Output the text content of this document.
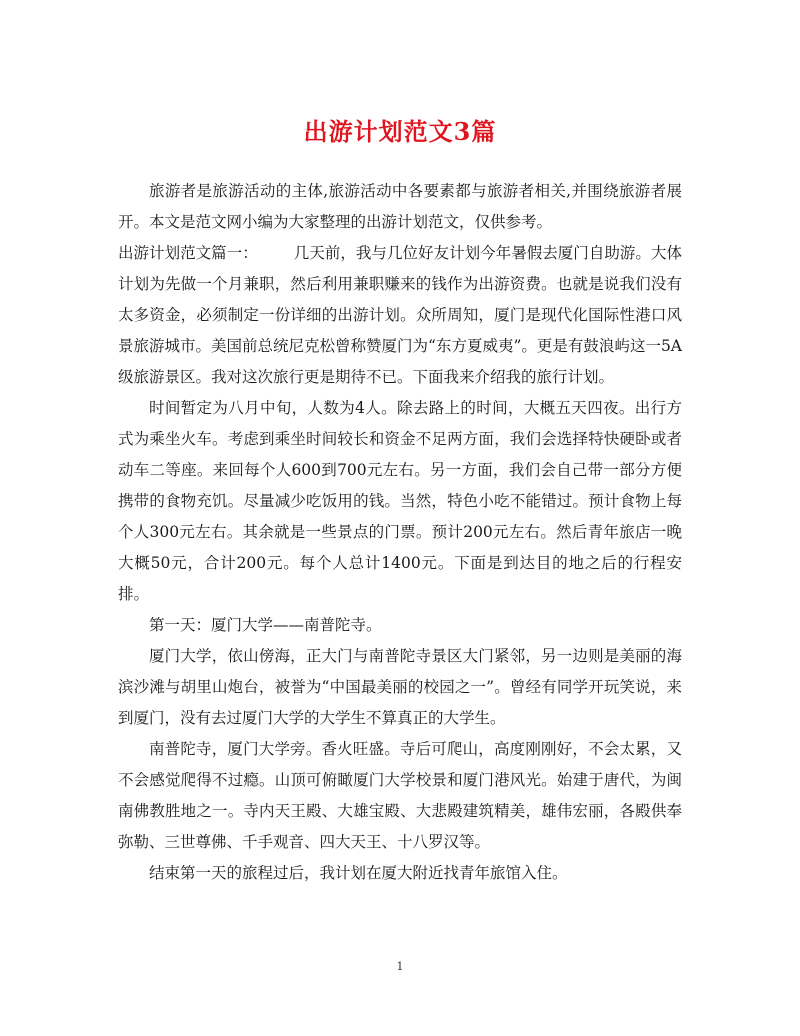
出游计划范文3篇

旅游者是旅游活动的主体,旅游活动中各要素都与旅游者相关,并围绕旅游者展开。本文是范文网小编为大家整理的出游计划范文，仅供参考。

出游计划范文篇一： 几天前，我与几位好友计划今年暑假去厦门自助游。大体计划为先做一个月兼职，然后利用兼职赚来的钱作为出游资费。也就是说我们没有太多资金，必须制定一份详细的出游计划。众所周知，厦门是现代化国际性港口风景旅游城市。美国前总统尼克松曾称赞厦门为“东方夏威夷”。更是有鼓浪屿这一5A级旅游景区。我对这次旅行更是期待不已。下面我来介绍我的旅行计划。

时间暂定为八月中旬，人数为4人。除去路上的时间，大概五天四夜。出行方式为乘坐火车。考虑到乘坐时间较长和资金不足两方面，我们会选择特快硬卧或者动车二等座。来回每个人600到700元左右。另一方面，我们会自己带一部分方便携带的食物充饥。尽量减少吃饭用的钱。当然，特色小吃不能错过。预计食物上每个人300元左右。其余就是一些景点的门票。预计200元左右。然后青年旅店一晚大概50元，合计200元。每个人总计1400元。下面是到达目的地之后的行程安排。

第一天：厦门大学——南普陀寺。

厦门大学，依山傍海，正大门与南普陀寺景区大门紧邻，另一边则是美丽的海滨沙滩与胡里山炮台，被誉为“中国最美丽的校园之一”。曾经有同学开玩笑说，来到厦门，没有去过厦门大学的大学生不算真正的大学生。

南普陀寺，厦门大学旁。香火旺盛。寺后可爬山，高度刚刚好，不会太累，又不会感觉爬得不过瘾。山顶可俯瞰厦门大学校景和厦门港风光。始建于唐代，为闽南佛教胜地之一。寺内天王殿、大雄宝殿、大悲殿建筑精美，雄伟宏丽，各殿供奉弥勒、三世尊佛、千手观音、四大天王、十八罗汉等。

结束第一天的旅程过后，我计划在厦大附近找青年旅馆入住。

1
